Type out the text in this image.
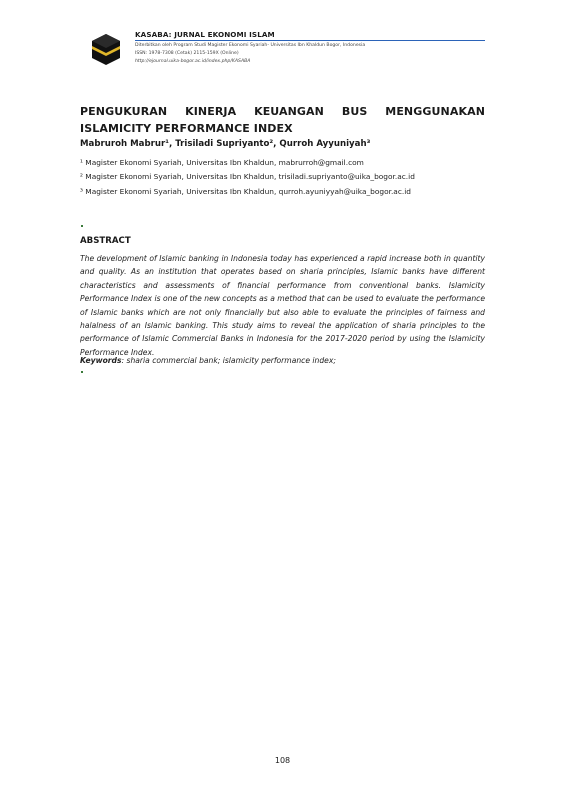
KASABA: JURNAL EKONOMI ISLAM
Diterbitkan oleh Program Studi Magister Ekonomi Syariah- Universitas Ibn Khaldun Bogor, Indonesia
ISSN: 1978-7308 (Cetak) 2115-159X (Online)
http://ejournal.uika-bogor.ac.id/index.php/KASABA
PENGUKURAN KINERJA KEUANGAN BUS MENGGUNAKAN ISLAMICITY PERFORMANCE INDEX
Mabruroh Mabrur¹, Trisiladi Supriyanto², Qurroh Ayyuniyah³
¹ Magister Ekonomi Syariah, Universitas Ibn Khaldun, mabrurroh@gmail.com
² Magister Ekonomi Syariah, Universitas Ibn Khaldun, trisiladi.supriyanto@uika_bogor.ac.id
³ Magister Ekonomi Syariah, Universitas Ibn Khaldun, qurroh.ayuniyyah@uika_bogor.ac.id
ABSTRACT
The development of Islamic banking in Indonesia today has experienced a rapid increase both in quantity and quality. As an institution that operates based on sharia principles, Islamic banks have different characteristics and assessments of financial performance from conventional banks. Islamicity Performance Index is one of the new concepts as a method that can be used to evaluate the performance of Islamic banks which are not only financially but also able to evaluate the principles of fairness and halalness of an Islamic banking. This study aims to reveal the application of sharia principles to the performance of Islamic Commercial Banks in Indonesia for the 2017-2020 period by using the Islamicity Performance Index.
Keywords: sharia commercial bank; islamicity performance index;
108
